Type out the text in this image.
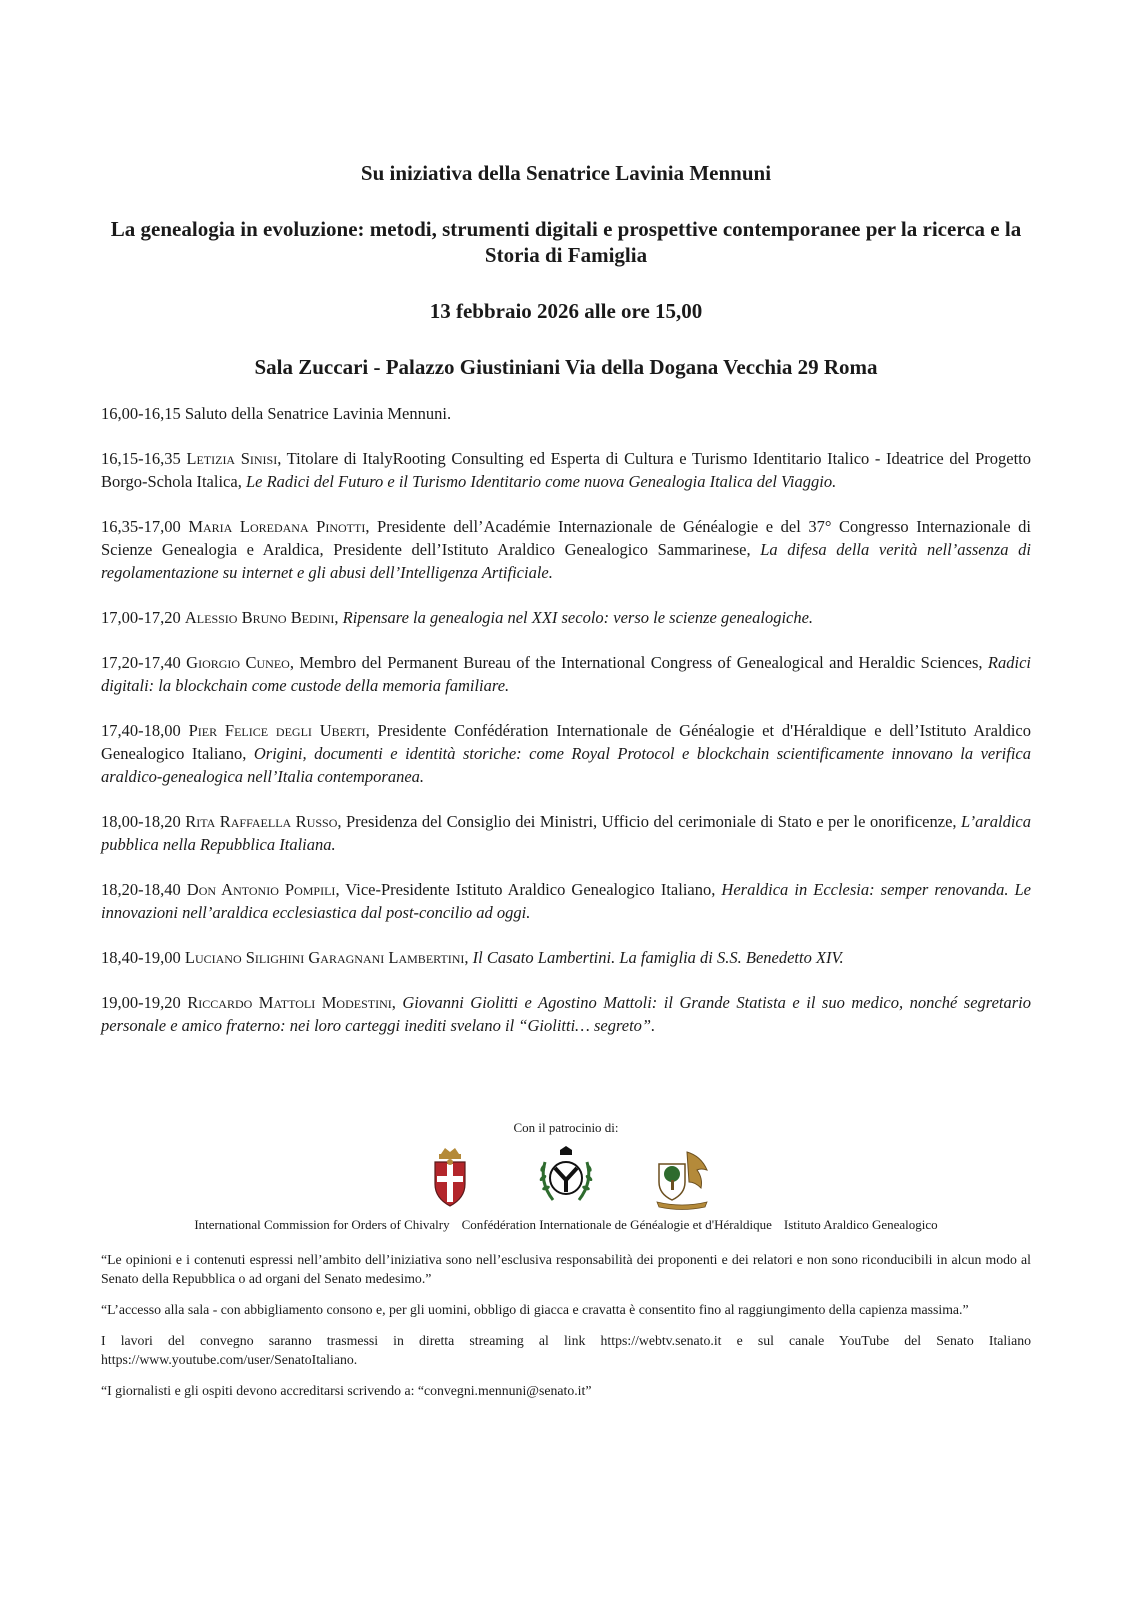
Su iniziativa della Senatrice Lavinia Mennuni

La genealogia in evoluzione: metodi, strumenti digitali e prospettive contemporanee per la ricerca e la Storia di Famiglia

13 febbraio 2026 alle ore 15,00

Sala Zuccari - Palazzo Giustiniani Via della Dogana Vecchia 29 Roma

16,00-16,15 Saluto della Senatrice Lavinia Mennuni.

16,15-16,35 Letizia Sinisi, Titolare di ItalyRooting Consulting ed Esperta di Cultura e Turismo Identitario Italico - Ideatrice del Progetto Borgo-Schola Italica, Le Radici del Futuro e il Turismo Identitario come nuova Genealogia Italica del Viaggio.

16,35-17,00 Maria Loredana Pinotti, Presidente dell’Académie Internazionale de Généalogie e del 37° Congresso Internazionale di Scienze Genealogia e Araldica, Presidente dell’Istituto Araldico Genealogico Sammarinese, La difesa della verità nell’assenza di regolamentazione su internet e gli abusi dell’Intelligenza Artificiale.

17,00-17,20 Alessio Bruno Bedini, Ripensare la genealogia nel XXI secolo: verso le scienze genealogiche.

17,20-17,40 Giorgio Cuneo, Membro del Permanent Bureau of the International Congress of Genealogical and Heraldic Sciences, Radici digitali: la blockchain come custode della memoria familiare.

17,40-18,00 Pier Felice degli Uberti, Presidente Confédération Internationale de Généalogie et d'Héraldique e dell’Istituto Araldico Genealogico Italiano, Origini, documenti e identità storiche: come Royal Protocol e blockchain scientificamente innovano la verifica araldico-genealogica nell’Italia contemporanea.

18,00-18,20 Rita Raffaella Russo, Presidenza del Consiglio dei Ministri, Ufficio del cerimoniale di Stato e per le onorificenze, L’araldica pubblica nella Repubblica Italiana.

18,20-18,40 Don Antonio Pompili, Vice-Presidente Istituto Araldico Genealogico Italiano, Heraldica in Ecclesia: semper renovanda. Le innovazioni nell’araldica ecclesiastica dal post-concilio ad oggi.

18,40-19,00 Luciano Silighini Garagnani Lambertini, Il Casato Lambertini. La famiglia di S.S. Benedetto XIV.

19,00-19,20 Riccardo Mattoli Modestini, Giovanni Giolitti e Agostino Mattoli: il Grande Statista e il suo medico, nonché segretario personale e amico fraterno: nei loro carteggi inediti svelano il “Giolitti… segreto”.

Con il patrocinio di:
International Commission for Orders of Chivalry Confédération Internationale de Généalogie et d'Héraldique Istituto Araldico Genealogico

“Le opinioni e i contenuti espressi nell’ambito dell’iniziativa sono nell’esclusiva responsabilità dei proponenti e dei relatori e non sono riconducibili in alcun modo al Senato della Repubblica o ad organi del Senato medesimo.”

“L’accesso alla sala - con abbigliamento consono e, per gli uomini, obbligo di giacca e cravatta è consentito fino al raggiungimento della capienza massima.”

I lavori del convegno saranno trasmessi in diretta streaming al link https://webtv.senato.it e sul canale YouTube del Senato Italiano https://www.youtube.com/user/SenatoItaliano.

“I giornalisti e gli ospiti devono accreditarsi scrivendo a: “convegni.mennuni@senato.it”
